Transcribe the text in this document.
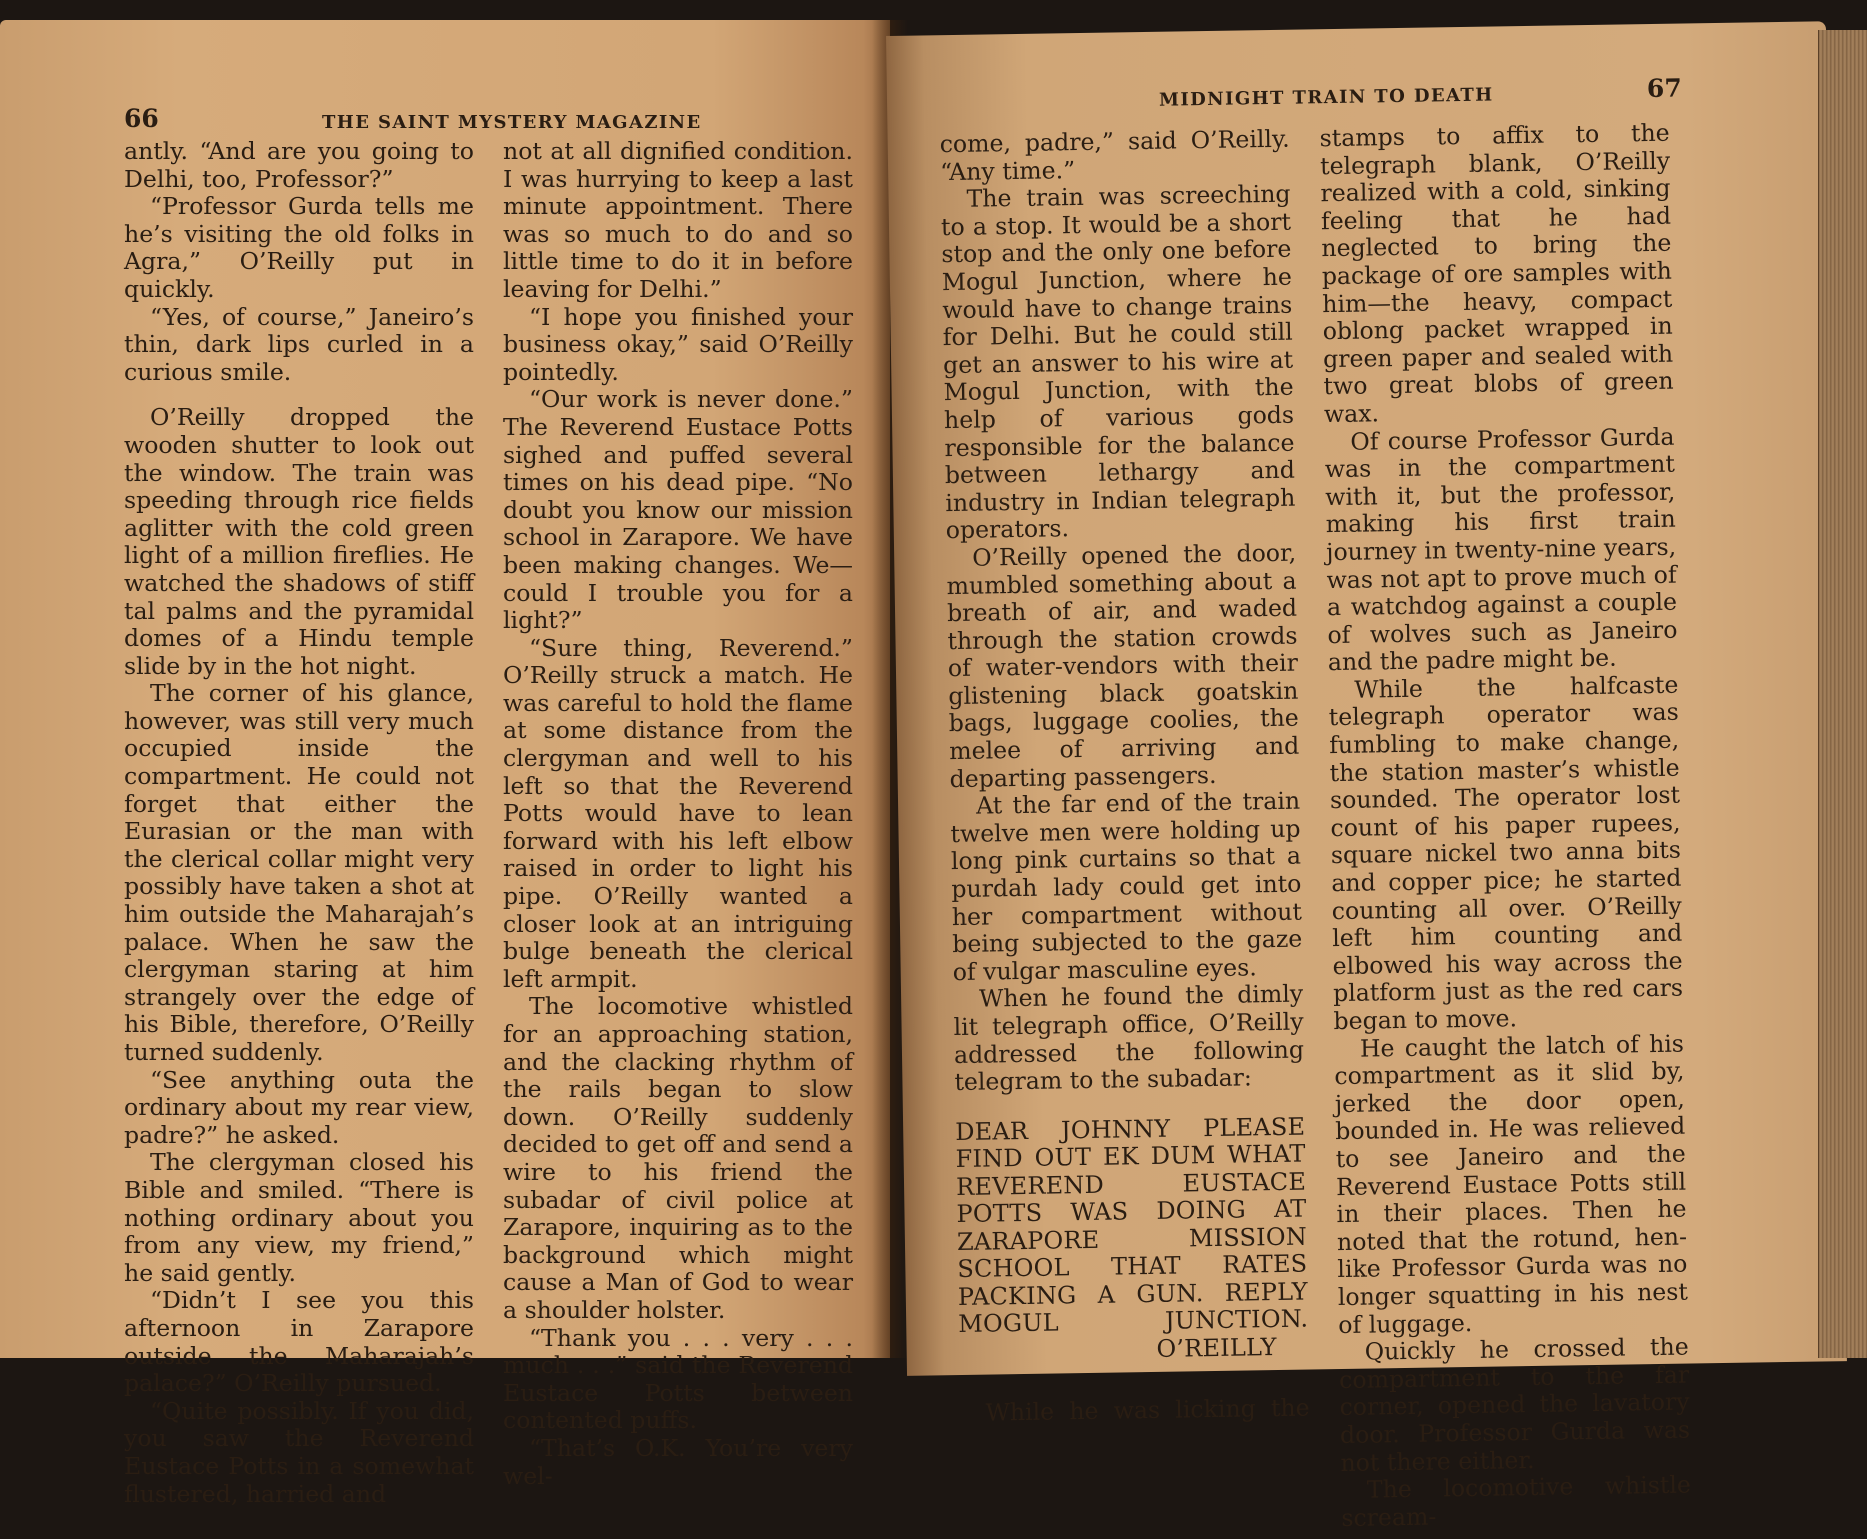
66	THE SAINT MYSTERY MAGAZINE

antly. “And are you going to Delhi, too, Professor?”

“Professor Gurda tells me he’s visiting the old folks in Agra,” O’Reilly put in quickly.

“Yes, of course,” Janeiro’s thin, dark lips curled in a curious smile.

O’Reilly dropped the wooden shutter to look out the window. The train was speeding through rice fields aglitter with the cold green light of a million fireflies. He watched the shadows of stiff tal palms and the pyramidal domes of a Hindu temple slide by in the hot night.

The corner of his glance, however, was still very much occupied inside the compartment. He could not forget that either the Eurasian or the man with the clerical collar might very possibly have taken a shot at him outside the Maharajah’s palace. When he saw the clergyman staring at him strangely over the edge of his Bible, therefore, O’Reilly turned suddenly.

“See anything outa the ordinary about my rear view, padre?” he asked.

The clergyman closed his Bible and smiled. “There is nothing ordinary about you from any view, my friend,” he said gently.

“Didn’t I see you this afternoon in Zarapore outside the Maharajah’s palace?” O’Reilly pursued.

“Quite possibly. If you did, you saw the Reverend Eustace Potts in a somewhat flustered, harried and

not at all dignified condition. I was hurrying to keep a last minute appointment. There was so much to do and so little time to do it in before leaving for Delhi.”

“I hope you finished your business okay,” said O’Reilly pointedly.

“Our work is never done.” The Reverend Eustace Potts sighed and puffed several times on his dead pipe. “No doubt you know our mission school in Zarapore. We have been making changes. We—could I trouble you for a light?”

“Sure thing, Reverend.” O’Reilly struck a match. He was careful to hold the flame at some distance from the clergyman and well to his left so that the Reverend Potts would have to lean forward with his left elbow raised in order to light his pipe. O’Reilly wanted a closer look at an intriguing bulge beneath the clerical left armpit.

The locomotive whistled for an approaching station, and the clacking rhythm of the rails began to slow down. O’Reilly suddenly decided to get off and send a wire to his friend the subadar of civil police at Zarapore, inquiring as to the background which might cause a Man of God to wear a shoulder holster.

“Thank you . . . very . . . much . . .” said the Reverend Eustace Potts between contented puffs.

“That’s O.K. You’re very wel-

MIDNIGHT TRAIN TO DEATH	67

come, padre,” said O’Reilly. “Any time.”

The train was screeching to a stop. It would be a short stop and the only one before Mogul Junction, where he would have to change trains for Delhi. But he could still get an answer to his wire at Mogul Junction, with the help of various gods responsible for the balance between lethargy and industry in Indian telegraph operators.

O’Reilly opened the door, mumbled something about a breath of air, and waded through the station crowds of water-vendors with their glistening black goatskin bags, luggage coolies, the melee of arriving and departing passengers.

At the far end of the train twelve men were holding up long pink curtains so that a purdah lady could get into her compartment without being subjected to the gaze of vulgar masculine eyes.

When he found the dimly lit telegraph office, O’Reilly addressed the following telegram to the subadar:

DEAR JOHNNY PLEASE FIND OUT EK DUM WHAT REVEREND EUSTACE POTTS WAS DOING AT ZARAPORE MISSION SCHOOL THAT RATES PACKING A GUN. REPLY MOGUL JUNCTION.
O’REILLY

While he was licking the

stamps to affix to the telegraph blank, O’Reilly realized with a cold, sinking feeling that he had neglected to bring the package of ore samples with him—the heavy, compact oblong packet wrapped in green paper and sealed with two great blobs of green wax.

Of course Professor Gurda was in the compartment with it, but the professor, making his first train journey in twenty-nine years, was not apt to prove much of a watchdog against a couple of wolves such as Janeiro and the padre might be.

While the halfcaste telegraph operator was fumbling to make change, the station master’s whistle sounded. The operator lost count of his paper rupees, square nickel two anna bits and copper pice; he started counting all over. O’Reilly left him counting and elbowed his way across the platform just as the red cars began to move.

He caught the latch of his compartment as it slid by, jerked the door open, bounded in. He was relieved to see Janeiro and the Reverend Eustace Potts still in their places. Then he noted that the rotund, hen-like Professor Gurda was no longer squatting in his nest of luggage.

Quickly he crossed the compartment to the far corner, opened the lavatory door. Professor Gurda was not there either.

The locomotive whistle scream-
